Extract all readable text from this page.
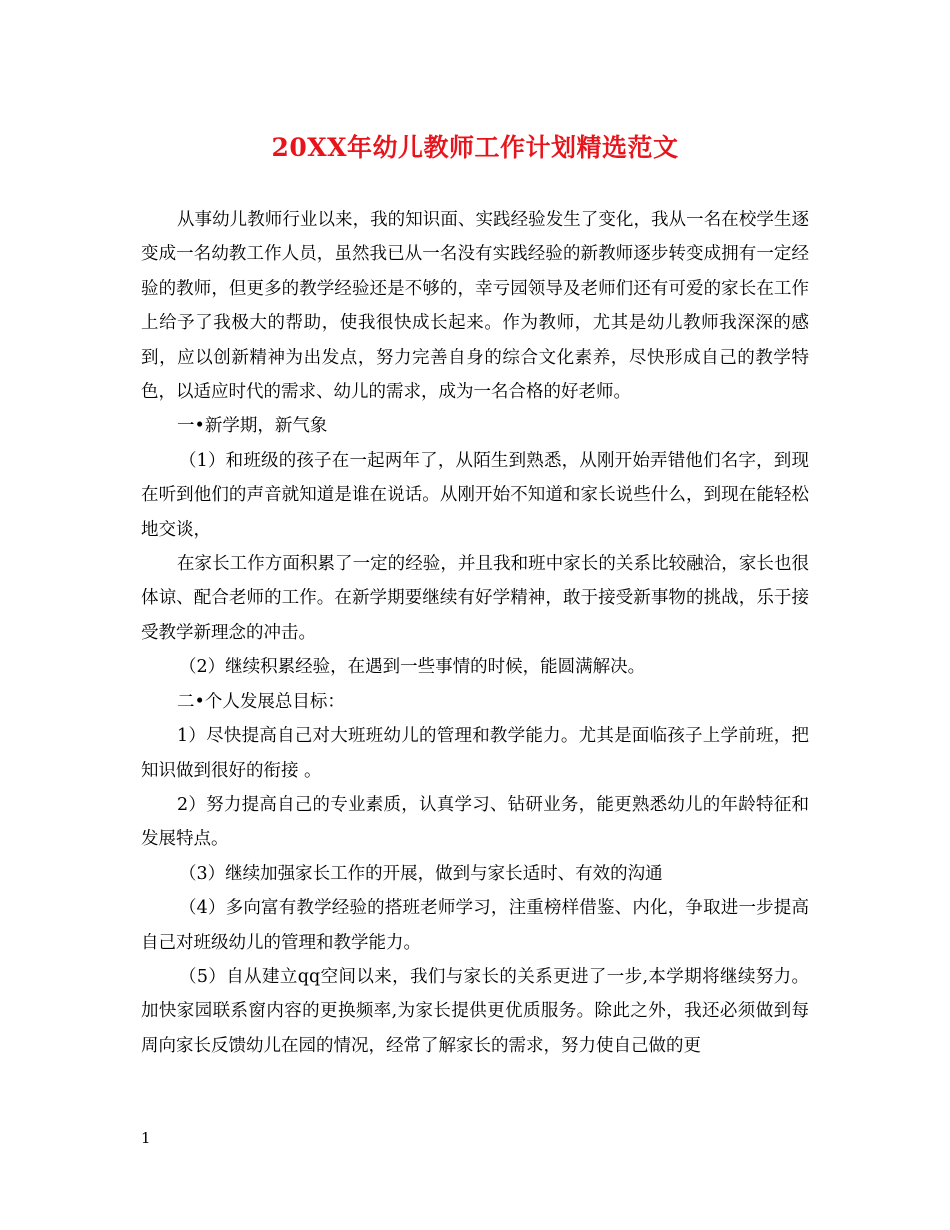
20XX年幼儿教师工作计划精选范文

从事幼儿教师行业以来，我的知识面、实践经验发生了变化，我从一名在校学生逐变成一名幼教工作人员，虽然我已从一名没有实践经验的新教师逐步转变成拥有一定经验的教师，但更多的教学经验还是不够的，幸亏园领导及老师们还有可爱的家长在工作上给予了我极大的帮助，使我很快成长起来。作为教师，尤其是幼儿教师我深深的感到，应以创新精神为出发点，努力完善自身的综合文化素养，尽快形成自己的教学特色，以适应时代的需求、幼儿的需求，成为一名合格的好老师。

一•新学期，新气象

（1）和班级的孩子在一起两年了，从陌生到熟悉，从刚开始弄错他们名字，到现在听到他们的声音就知道是谁在说话。从刚开始不知道和家长说些什么，到现在能轻松地交谈，

在家长工作方面积累了一定的经验，并且我和班中家长的关系比较融洽，家长也很体谅、配合老师的工作。在新学期要继续有好学精神，敢于接受新事物的挑战，乐于接受教学新理念的冲击。

（2）继续积累经验，在遇到一些事情的时候，能圆满解决。

二•个人发展总目标：

1）尽快提高自己对大班班幼儿的管理和教学能力。尤其是面临孩子上学前班，把知识做到很好的衔接 。

2）努力提高自己的专业素质，认真学习、钻研业务，能更熟悉幼儿的年龄特征和发展特点。

（3）继续加强家长工作的开展，做到与家长适时、有效的沟通

（4）多向富有教学经验的搭班老师学习，注重榜样借鉴、内化，争取进一步提高自己对班级幼儿的管理和教学能力。

（5）自从建立qq空间以来，我们与家长的关系更进了一步,本学期将继续努力。加快家园联系窗内容的更换频率,为家长提供更优质服务。除此之外，我还必须做到每周向家长反馈幼儿在园的情况，经常了解家长的需求，努力使自己做的更

1
